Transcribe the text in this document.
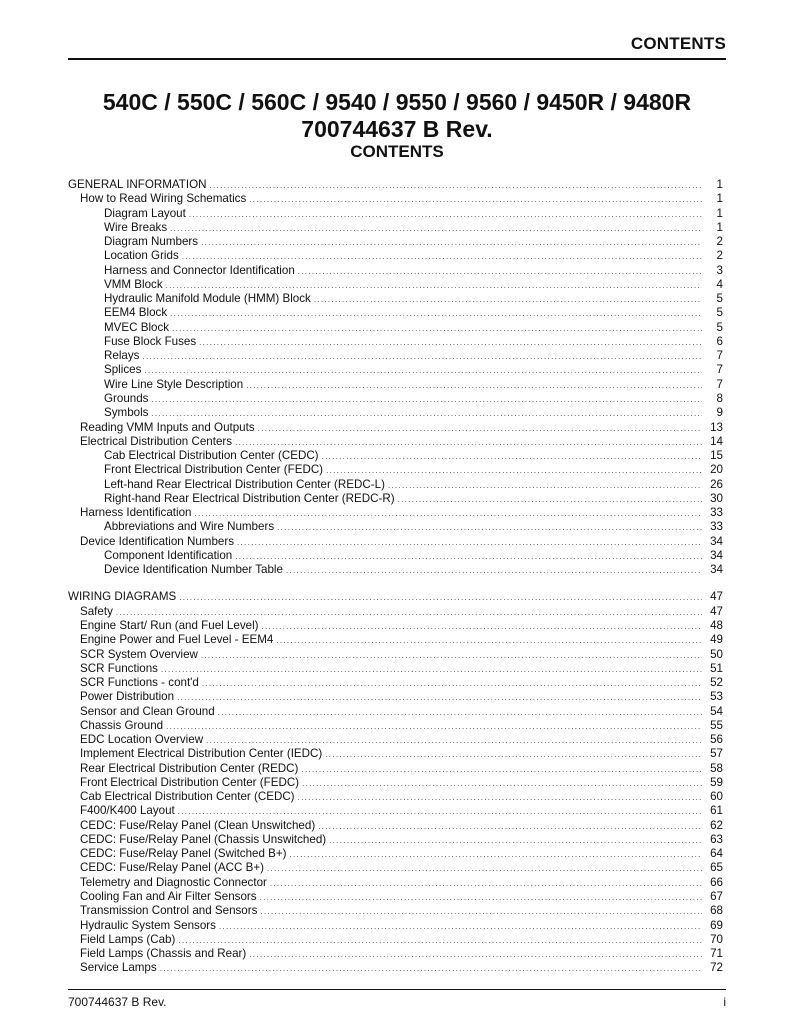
CONTENTS
540C / 550C / 560C / 9540 / 9550 / 9560 / 9450R / 9480R
700744637 B Rev.
CONTENTS
GENERAL INFORMATION .....	1
How to Read Wiring Schematics .....	1
Diagram Layout .....	1
Wire Breaks .....	1
Diagram Numbers .....	2
Location Grids .....	2
Harness and Connector Identification .....	3
VMM Block .....	4
Hydraulic Manifold Module (HMM) Block .....	5
EEM4 Block .....	5
MVEC Block .....	5
Fuse Block Fuses .....	6
Relays .....	7
Splices .....	7
Wire Line Style Description .....	7
Grounds .....	8
Symbols .....	9
Reading VMM Inputs and Outputs .....	13
Electrical Distribution Centers .....	14
Cab Electrical Distribution Center (CEDC) .....	15
Front Electrical Distribution Center (FEDC) .....	20
Left-hand Rear Electrical Distribution Center (REDC-L) .....	26
Right-hand Rear Electrical Distribution Center (REDC-R) .....	30
Harness Identification .....	33
Abbreviations and Wire Numbers .....	33
Device Identification Numbers .....	34
Component Identification .....	34
Device Identification Number Table .....	34
WIRING DIAGRAMS .....	47
Safety .....	47
Engine Start/ Run (and Fuel Level) .....	48
Engine Power and Fuel Level - EEM4 .....	49
SCR System Overview .....	50
SCR Functions .....	51
SCR Functions - cont'd .....	52
Power Distribution .....	53
Sensor and Clean Ground .....	54
Chassis Ground .....	55
EDC Location Overview .....	56
Implement Electrical Distribution Center (IEDC) .....	57
Rear Electrical Distribution Center (REDC) .....	58
Front Electrical Distribution Center (FEDC) .....	59
Cab Electrical Distribution Center (CEDC) .....	60
F400/K400 Layout .....	61
CEDC: Fuse/Relay Panel (Clean Unswitched) .....	62
CEDC: Fuse/Relay Panel (Chassis Unswitched) .....	63
CEDC: Fuse/Relay Panel (Switched B+) .....	64
CEDC: Fuse/Relay Panel (ACC B+) .....	65
Telemetry and Diagnostic Connector .....	66
Cooling Fan and Air Filter Sensors .....	67
Transmission Control and Sensors .....	68
Hydraulic System Sensors .....	69
Field Lamps (Cab) .....	70
Field Lamps (Chassis and Rear) .....	71
Service Lamps .....	72
700744637 B Rev.	i
